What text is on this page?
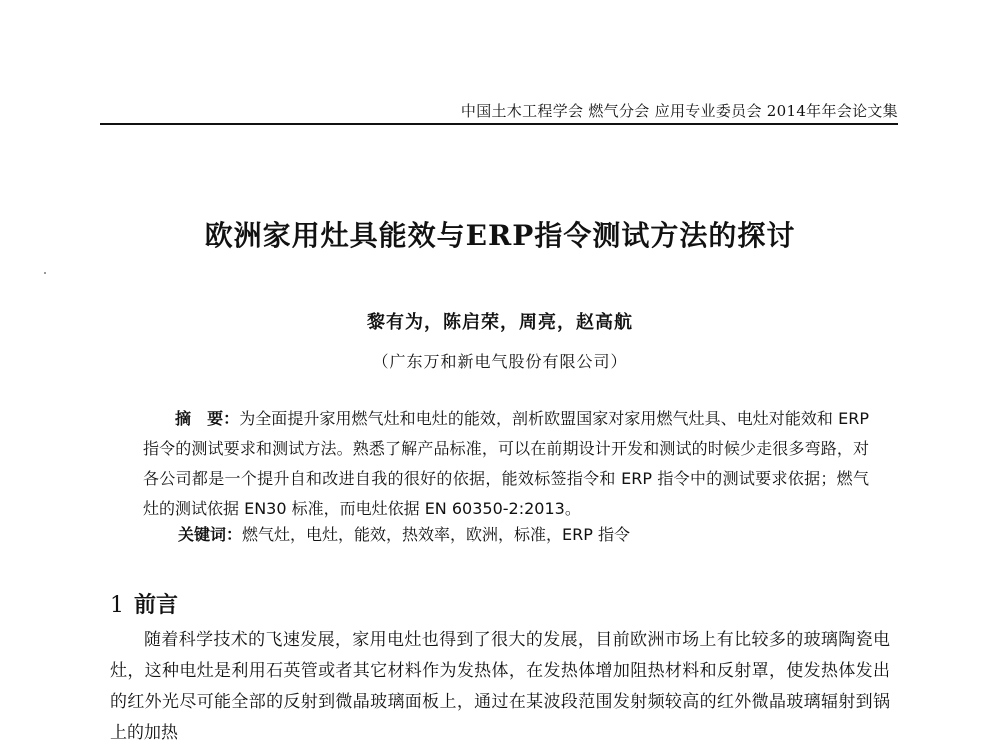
中国土木工程学会 燃气分会 应用专业委员会 2014年年会论文集
欧洲家用灶具能效与ERP指令测试方法的探讨
黎有为，陈启荣，周亮，赵高航
（广东万和新电气股份有限公司）

摘　要：为全面提升家用燃气灶和电灶的能效，剖析欧盟国家对家用燃气灶具、电灶对能效和 ERP 指令的测试要求和测试方法。熟悉了解产品标准，可以在前期设计开发和测试的时候少走很多弯路，对各公司都是一个提升自和改进自我的很好的依据，能效标签指令和 ERP 指令中的测试要求依据；燃气灶的测试依据 EN30 标准，而电灶依据 EN 60350-2:2013。

关键词：燃气灶，电灶，能效，热效率，欧洲，标准，ERP 指令
1 前言

随着科学技术的飞速发展，家用电灶也得到了很大的发展，目前欧洲市场上有比较多的玻璃陶瓷电灶，这种电灶是利用石英管或者其它材料作为发热体，在发热体增加阻热材料和反射罩，使发热体发出的红外光尽可能全部的反射到微晶玻璃面板上，通过在某波段范围发射频较高的红外微晶玻璃辐射到锅上的加热
